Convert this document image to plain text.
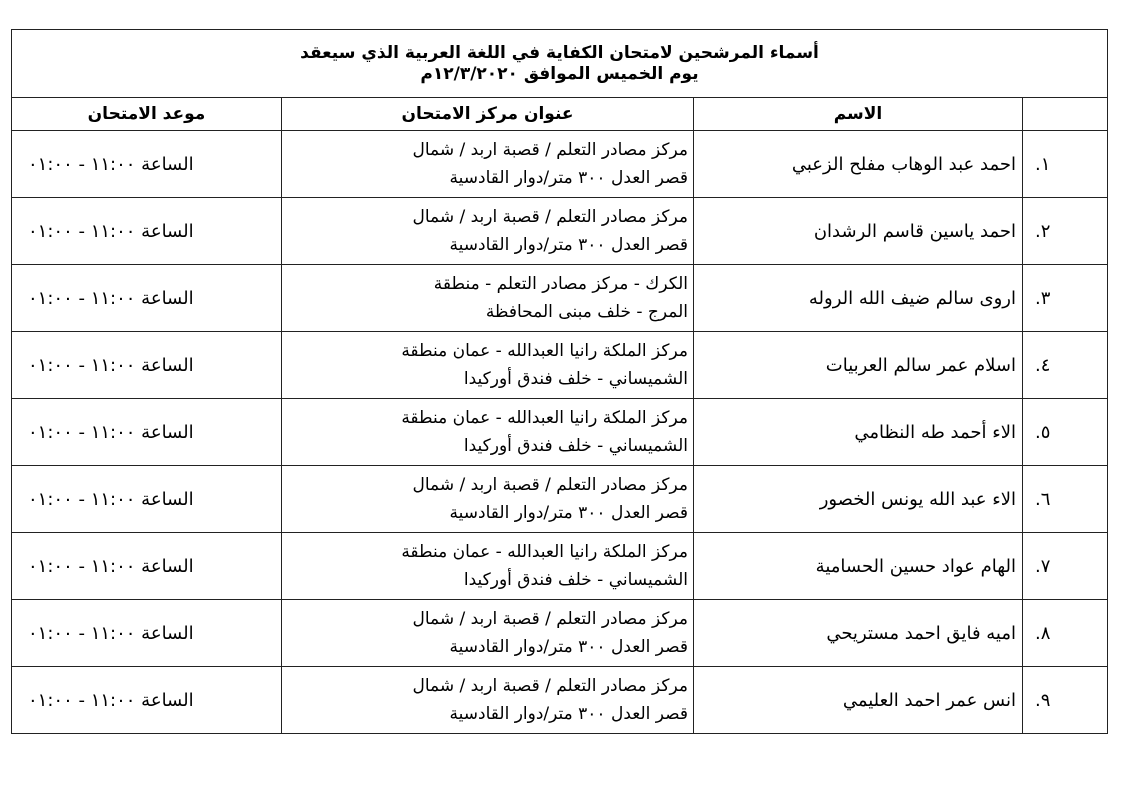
أسماء المرشحين لامتحان الكفاية في اللغة العربية الذي سيعقد
يوم الخميس الموافق ١٢/٣/٢٠٢٠م			

	الاسم	عنوان مركز الامتحان	موعد الامتحان
١.	احمد عبد الوهاب مفلح الزعبي	مركز مصادر التعلم / قصبة اربد / شمال
قصر العدل ٣٠٠ متر/دوار القادسية	الساعة ١١:٠٠ - ٠١:٠٠
٢.	احمد ياسين قاسم الرشدان	مركز مصادر التعلم / قصبة اربد / شمال
قصر العدل ٣٠٠ متر/دوار القادسية	الساعة ١١:٠٠ - ٠١:٠٠
٣.	اروى سالم ضيف الله الروله	الكرك - مركز مصادر التعلم - منطقة
المرج - خلف مبنى المحافظة	الساعة ١١:٠٠ - ٠١:٠٠
٤.	اسلام عمر سالم العربيات	مركز الملكة رانيا العبدالله - عمان منطقة
الشميساني - خلف فندق أوركيدا	الساعة ١١:٠٠ - ٠١:٠٠
٥.	الاء أحمد طه النظامي	مركز الملكة رانيا العبدالله - عمان منطقة
الشميساني - خلف فندق أوركيدا	الساعة ١١:٠٠ - ٠١:٠٠
٦.	الاء عبد الله يونس الخصور	مركز مصادر التعلم / قصبة اربد / شمال
قصر العدل ٣٠٠ متر/دوار القادسية	الساعة ١١:٠٠ - ٠١:٠٠
٧.	الهام عواد حسين الحسامية	مركز الملكة رانيا العبدالله - عمان منطقة
الشميساني - خلف فندق أوركيدا	الساعة ١١:٠٠ - ٠١:٠٠
٨.	اميه فايق احمد مستريحي	مركز مصادر التعلم / قصبة اربد / شمال
قصر العدل ٣٠٠ متر/دوار القادسية	الساعة ١١:٠٠ - ٠١:٠٠
٩.	انس عمر احمد العليمي	مركز مصادر التعلم / قصبة اربد / شمال
قصر العدل ٣٠٠ متر/دوار القادسية	الساعة ١١:٠٠ - ٠١:٠٠
